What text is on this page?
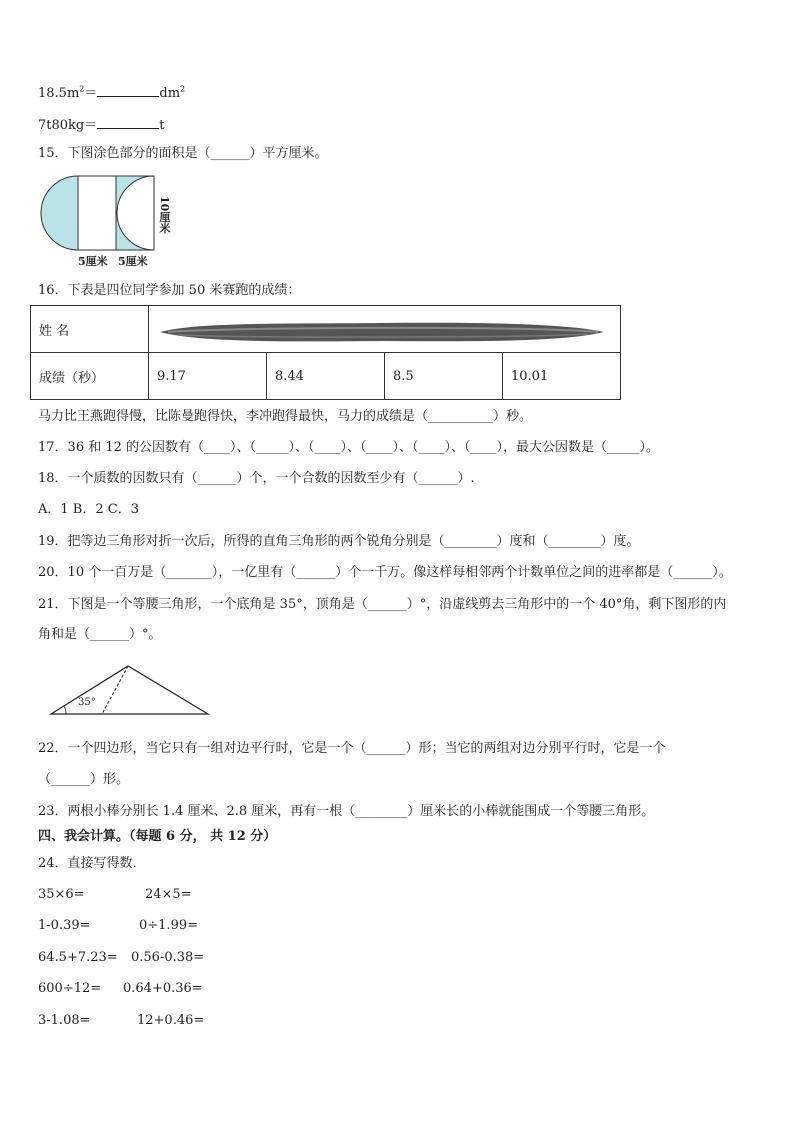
$18.5m^2=$	$dm^2$
7t80kg＝	t
15．下图涂色部分的面积是（______）平方厘米。
10厘米
5厘米 5厘米
16．下表是四位同学参加 50 米赛跑的成绩：
姓 名				
成绩（秒）	9.17	8.44	8.5	10.01
马力比王燕跑得慢，比陈曼跑得快，李冲跑得最快，马力的成绩是（__________）秒。
17．36 和 12 的公因数有（____）、（_____）、（____）、（____）、（____）、（____），最大公因数是（_____）。
18．一个质数的因数只有（______）个，一个合数的因数至少有（______）.
A．1 B．2 C．3
19．把等边三角形对折一次后，所得的直角三角形的两个锐角分别是（________）度和（________）度。
20．10 个一百万是（_______），一亿里有（______）个一千万。像这样每相邻两个计数单位之间的进率都是（______）。
21．下图是一个等腰三角形，一个底角是 35°，顶角是（______）°，沿虚线剪去三角形中的一个 40°角，剩下图形的内
角和是（______）°。
35°
22．一个四边形，当它只有一组对边平行时，它是一个（______）形；当它的两组对边分别平行时，它是一个
（______）形。
23．两根小棒分别长 1.4 厘米、2.8 厘米，再有一根（________）厘米长的小棒就能围成一个等腰三角形。
四、我会计算。（每题 6 分， 共 12 分）
24．直接写得数．
35×6=	24×5=
1-0.39=	0÷1.99=
64.5+7.23= 0.56-0.38=
600÷12= 0.64+0.36=
3-1.08=	12+0.46=
